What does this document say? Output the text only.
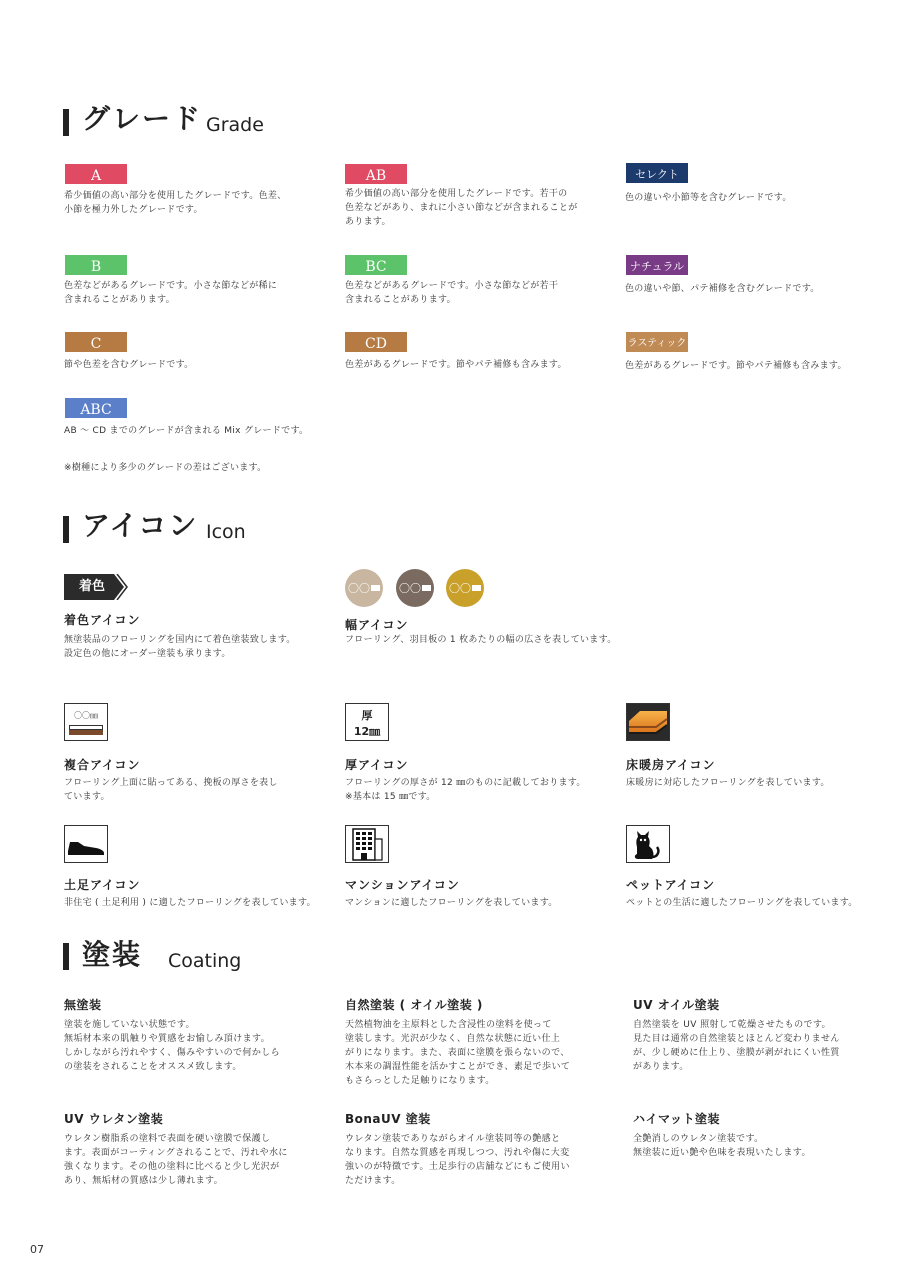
グレード Grade
A
希少価値の高い部分を使用したグレードです。色差、
小節を極力外したグレードです。
AB
希少価値の高い部分を使用したグレードです。若干の
色差などがあり、まれに小さい節などが含まれることが
あります。
セレクト
色の違いや小節等を含むグレードです。
B
色差などがあるグレードです。小さな節などが稀に
含まれることがあります。
BC
色差などがあるグレードです。小さな節などが若干
含まれることがあります。
ナチュラル
色の違いや節、パテ補修を含むグレードです。
C
節や色差を含むグレードです。
CD
色差があるグレードです。節やパテ補修も含みます。
ラスティック
色差があるグレードです。節やパテ補修も含みます。
ABC
AB ～ CD までのグレードが含まれる Mix グレードです。
※樹種により多少のグレードの差はございます。
アイコン Icon
着色
着色アイコン
無塗装品のフローリングを国内にて着色塗装致します。
設定色の他にオーダー塗装も承ります。
〇〇	〇〇	〇〇
幅アイコン
フローリング、羽目板の 1 枚あたりの幅の広さを表しています。
〇〇㎜
複合アイコン
フローリング上面に貼ってある、挽板の厚さを表し
ています。
厚
12㎜
厚アイコン
フローリングの厚さが 12 ㎜のものに記載しております。
※基本は 15 ㎜です。
床暖房アイコン
床暖房に対応したフローリングを表しています。
土足アイコン
非住宅 ( 土足利用 ) に適したフローリングを表しています。
マンションアイコン
マンションに適したフローリングを表しています。
ペットアイコン
ペットとの生活に適したフローリングを表しています。
塗装 Coating
無塗装
塗装を施していない状態です。
無垢材本来の肌触りや質感をお愉しみ頂けます。
しかしながら汚れやすく、傷みやすいので何かしら
の塗装をされることをオススメ致します。
自然塗装 ( オイル塗装 )
天然植物油を主原料とした含浸性の塗料を使って
塗装します。光沢が少なく、自然な状態に近い仕上
がりになります。また、表面に塗膜を張らないので、
木本来の調湿性能を活かすことができ、素足で歩いて
もさらっとした足触りになります。
UV オイル塗装
自然塗装を UV 照射して乾燥させたものです。
見た目は通常の自然塗装とほとんど変わりません
が、少し硬めに仕上り、塗膜が剥がれにくい性質
があります。
UV ウレタン塗装
ウレタン樹脂系の塗料で表面を硬い塗膜で保護し
ます。表面がコーティングされることで、汚れや水に
強くなります。その他の塗料に比べると少し光沢が
あり、無垢材の質感は少し薄れます。
BonaUV 塗装
ウレタン塗装でありながらオイル塗装同等の艶感と
なります。自然な質感を再現しつつ、汚れや傷に大変
強いのが特徴です。土足歩行の店舗などにもご使用い
ただけます。
ハイマット塗装
全艶消しのウレタン塗装です。
無塗装に近い艶や色味を表現いたします。
07
